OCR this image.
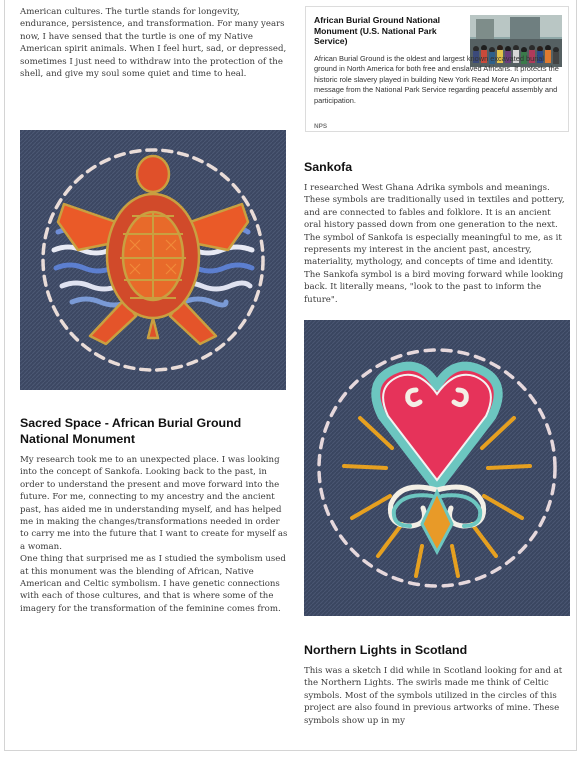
American cultures. The turtle stands for longevity, endurance, persistence, and transformation. For many years now, I have sensed that the turtle is one of my Native American spirit animals. When I feel hurt, sad, or depressed, sometimes I just need to withdraw into the protection of the shell, and give my soul some quiet and time to heal.

African Burial Ground National Monument (U.S. National Park Service)
African Burial Ground is the oldest and largest known excavated burial ground in North America for both free and enslaved Africans. It protects the historic role slavery played in building New York Read More An important message from the National Park Service regarding peaceful assembly and participation.
NPS
Sankofa

I researched West Ghana Adrika symbols and meanings. These symbols are traditionally used in textiles and pottery, and are connected to fables and folklore. It is an ancient oral history passed down from one generation to the next. The symbol of Sankofa is especially meaningful to me, as it represents my interest in the ancient past, ancestry, materiality, mythology, and concepts of time and identity. The Sankofa symbol is a bird moving forward while looking back. It literally means, "look to the past to inform the future".

Sacred Space - African Burial Ground National Monument

My research took me to an unexpected place. I was looking into the concept of Sankofa. Looking back to the past, in order to understand the present and move forward into the future. For me, connecting to my ancestry and the ancient past, has aided me in understanding myself, and has helped me in making the changes/transformations needed in order to carry me into the future that I want to create for myself as a woman.

One thing that surprised me as I studied the symbolism used at this monument was the blending of African, Native American and Celtic symbolism. I have genetic connections with each of those cultures, and that is where some of the imagery for the transformation of the feminine comes from.

Northern Lights in Scotland

This was a sketch I did while in Scotland looking for and at the Northern Lights. The swirls made me think of Celtic symbols. Most of the symbols utilized in the circles of this project are also found in previous artworks of mine. These symbols show up in my
